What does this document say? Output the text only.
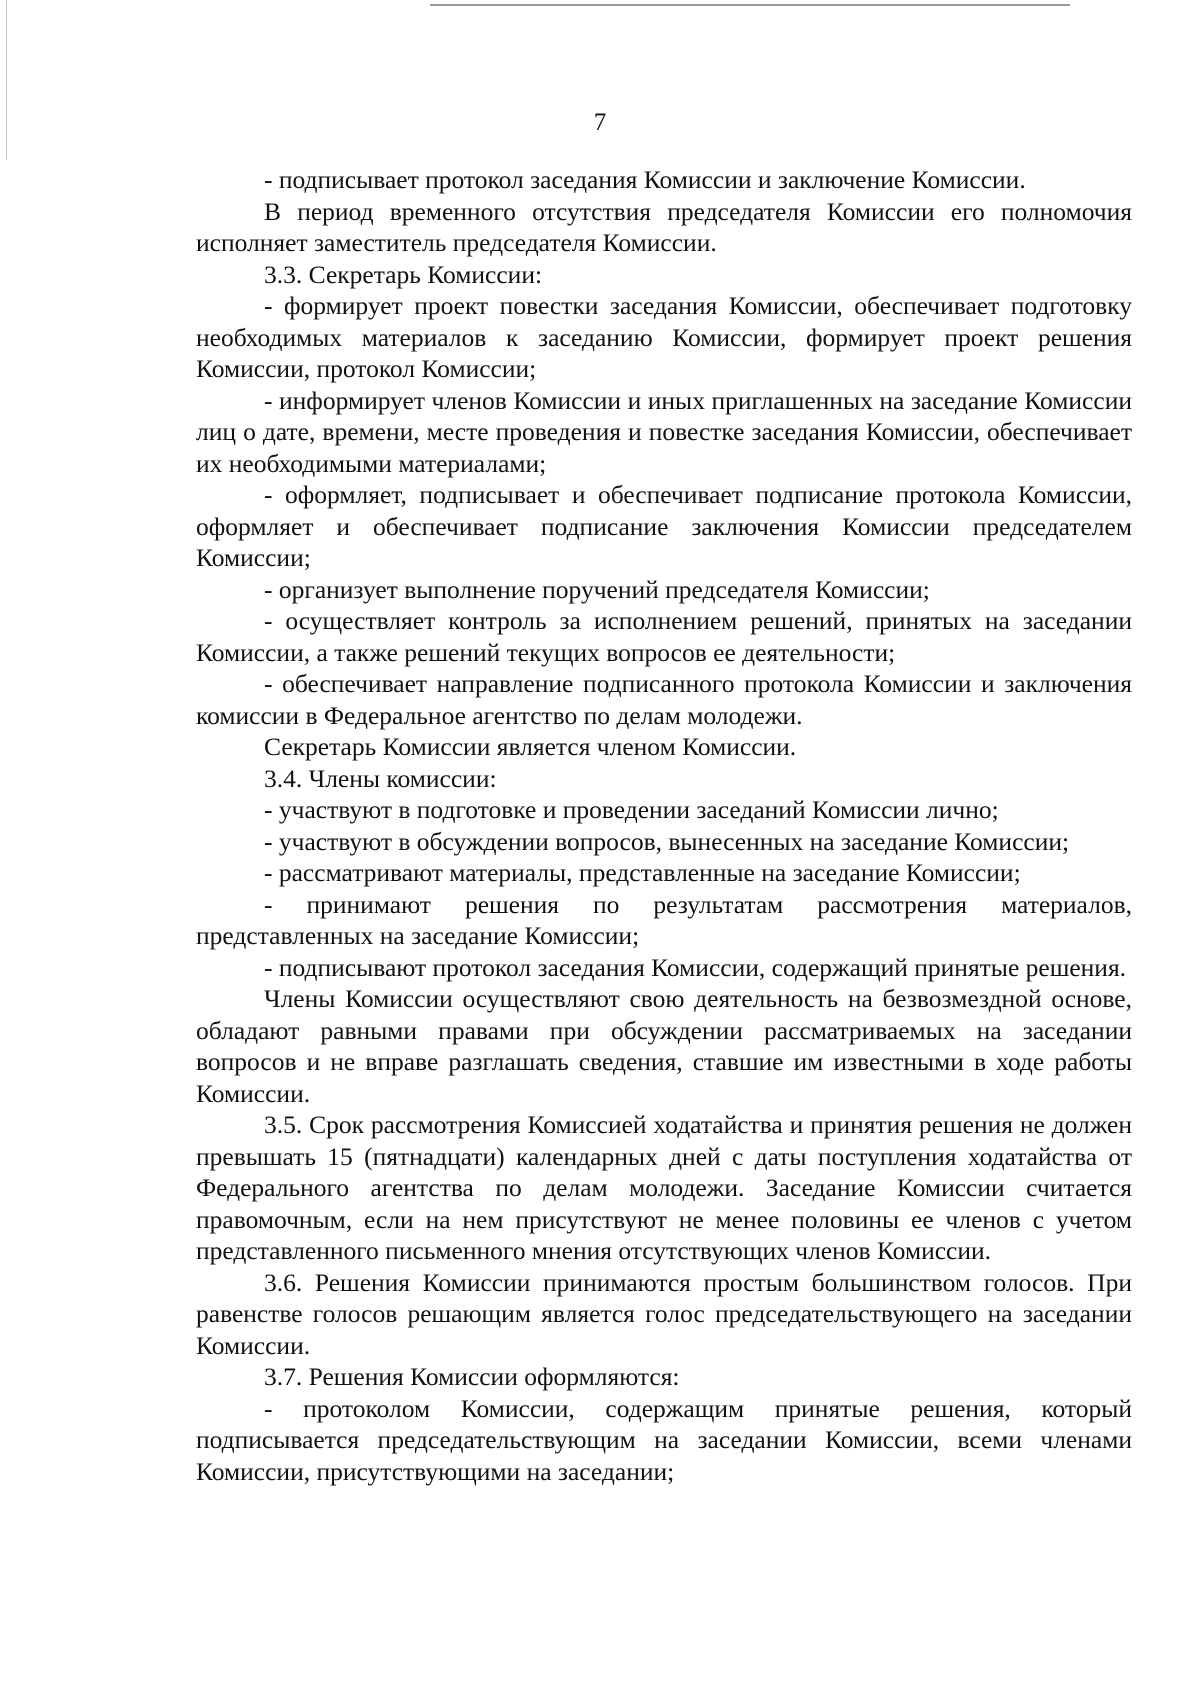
7

- подписывает протокол заседания Комиссии и заключение Комиссии.

В период временного отсутствия председателя Комиссии его полномочия исполняет заместитель председателя Комиссии.

3.3. Секретарь Комиссии:

- формирует проект повестки заседания Комиссии, обеспечивает подготовку необходимых материалов к заседанию Комиссии, формирует проект решения Комиссии, протокол Комиссии;

- информирует членов Комиссии и иных приглашенных на заседание Комиссии лиц о дате, времени, месте проведения и повестке заседания Комиссии, обеспечивает их необходимыми материалами;

- оформляет, подписывает и обеспечивает подписание протокола Комиссии, оформляет и обеспечивает подписание заключения Комиссии председателем Комиссии;

- организует выполнение поручений председателя Комиссии;

- осуществляет контроль за исполнением решений, принятых на заседании Комиссии, а также решений текущих вопросов ее деятельности;

- обеспечивает направление подписанного протокола Комиссии и заключения комиссии в Федеральное агентство по делам молодежи.

Секретарь Комиссии является членом Комиссии.

3.4. Члены комиссии:

- участвуют в подготовке и проведении заседаний Комиссии лично;

- участвуют в обсуждении вопросов, вынесенных на заседание Комиссии;

- рассматривают материалы, представленные на заседание Комиссии;

- принимают решения по результатам рассмотрения материалов, представленных на заседание Комиссии;

- подписывают протокол заседания Комиссии, содержащий принятые решения.

Члены Комиссии осуществляют свою деятельность на безвозмездной основе, обладают равными правами при обсуждении рассматриваемых на заседании вопросов и не вправе разглашать сведения, ставшие им известными в ходе работы Комиссии.

3.5. Срок рассмотрения Комиссией ходатайства и принятия решения не должен превышать 15 (пятнадцати) календарных дней с даты поступления ходатайства от Федерального агентства по делам молодежи. Заседание Комиссии считается правомочным, если на нем присутствуют не менее половины ее членов с учетом представленного письменного мнения отсутствующих членов Комиссии.

3.6. Решения Комиссии принимаются простым большинством голосов. При равенстве голосов решающим является голос председательствующего на заседании Комиссии.

3.7. Решения Комиссии оформляются:

- протоколом Комиссии, содержащим принятые решения, который подписывается председательствующим на заседании Комиссии, всеми членами Комиссии, присутствующими на заседании;
